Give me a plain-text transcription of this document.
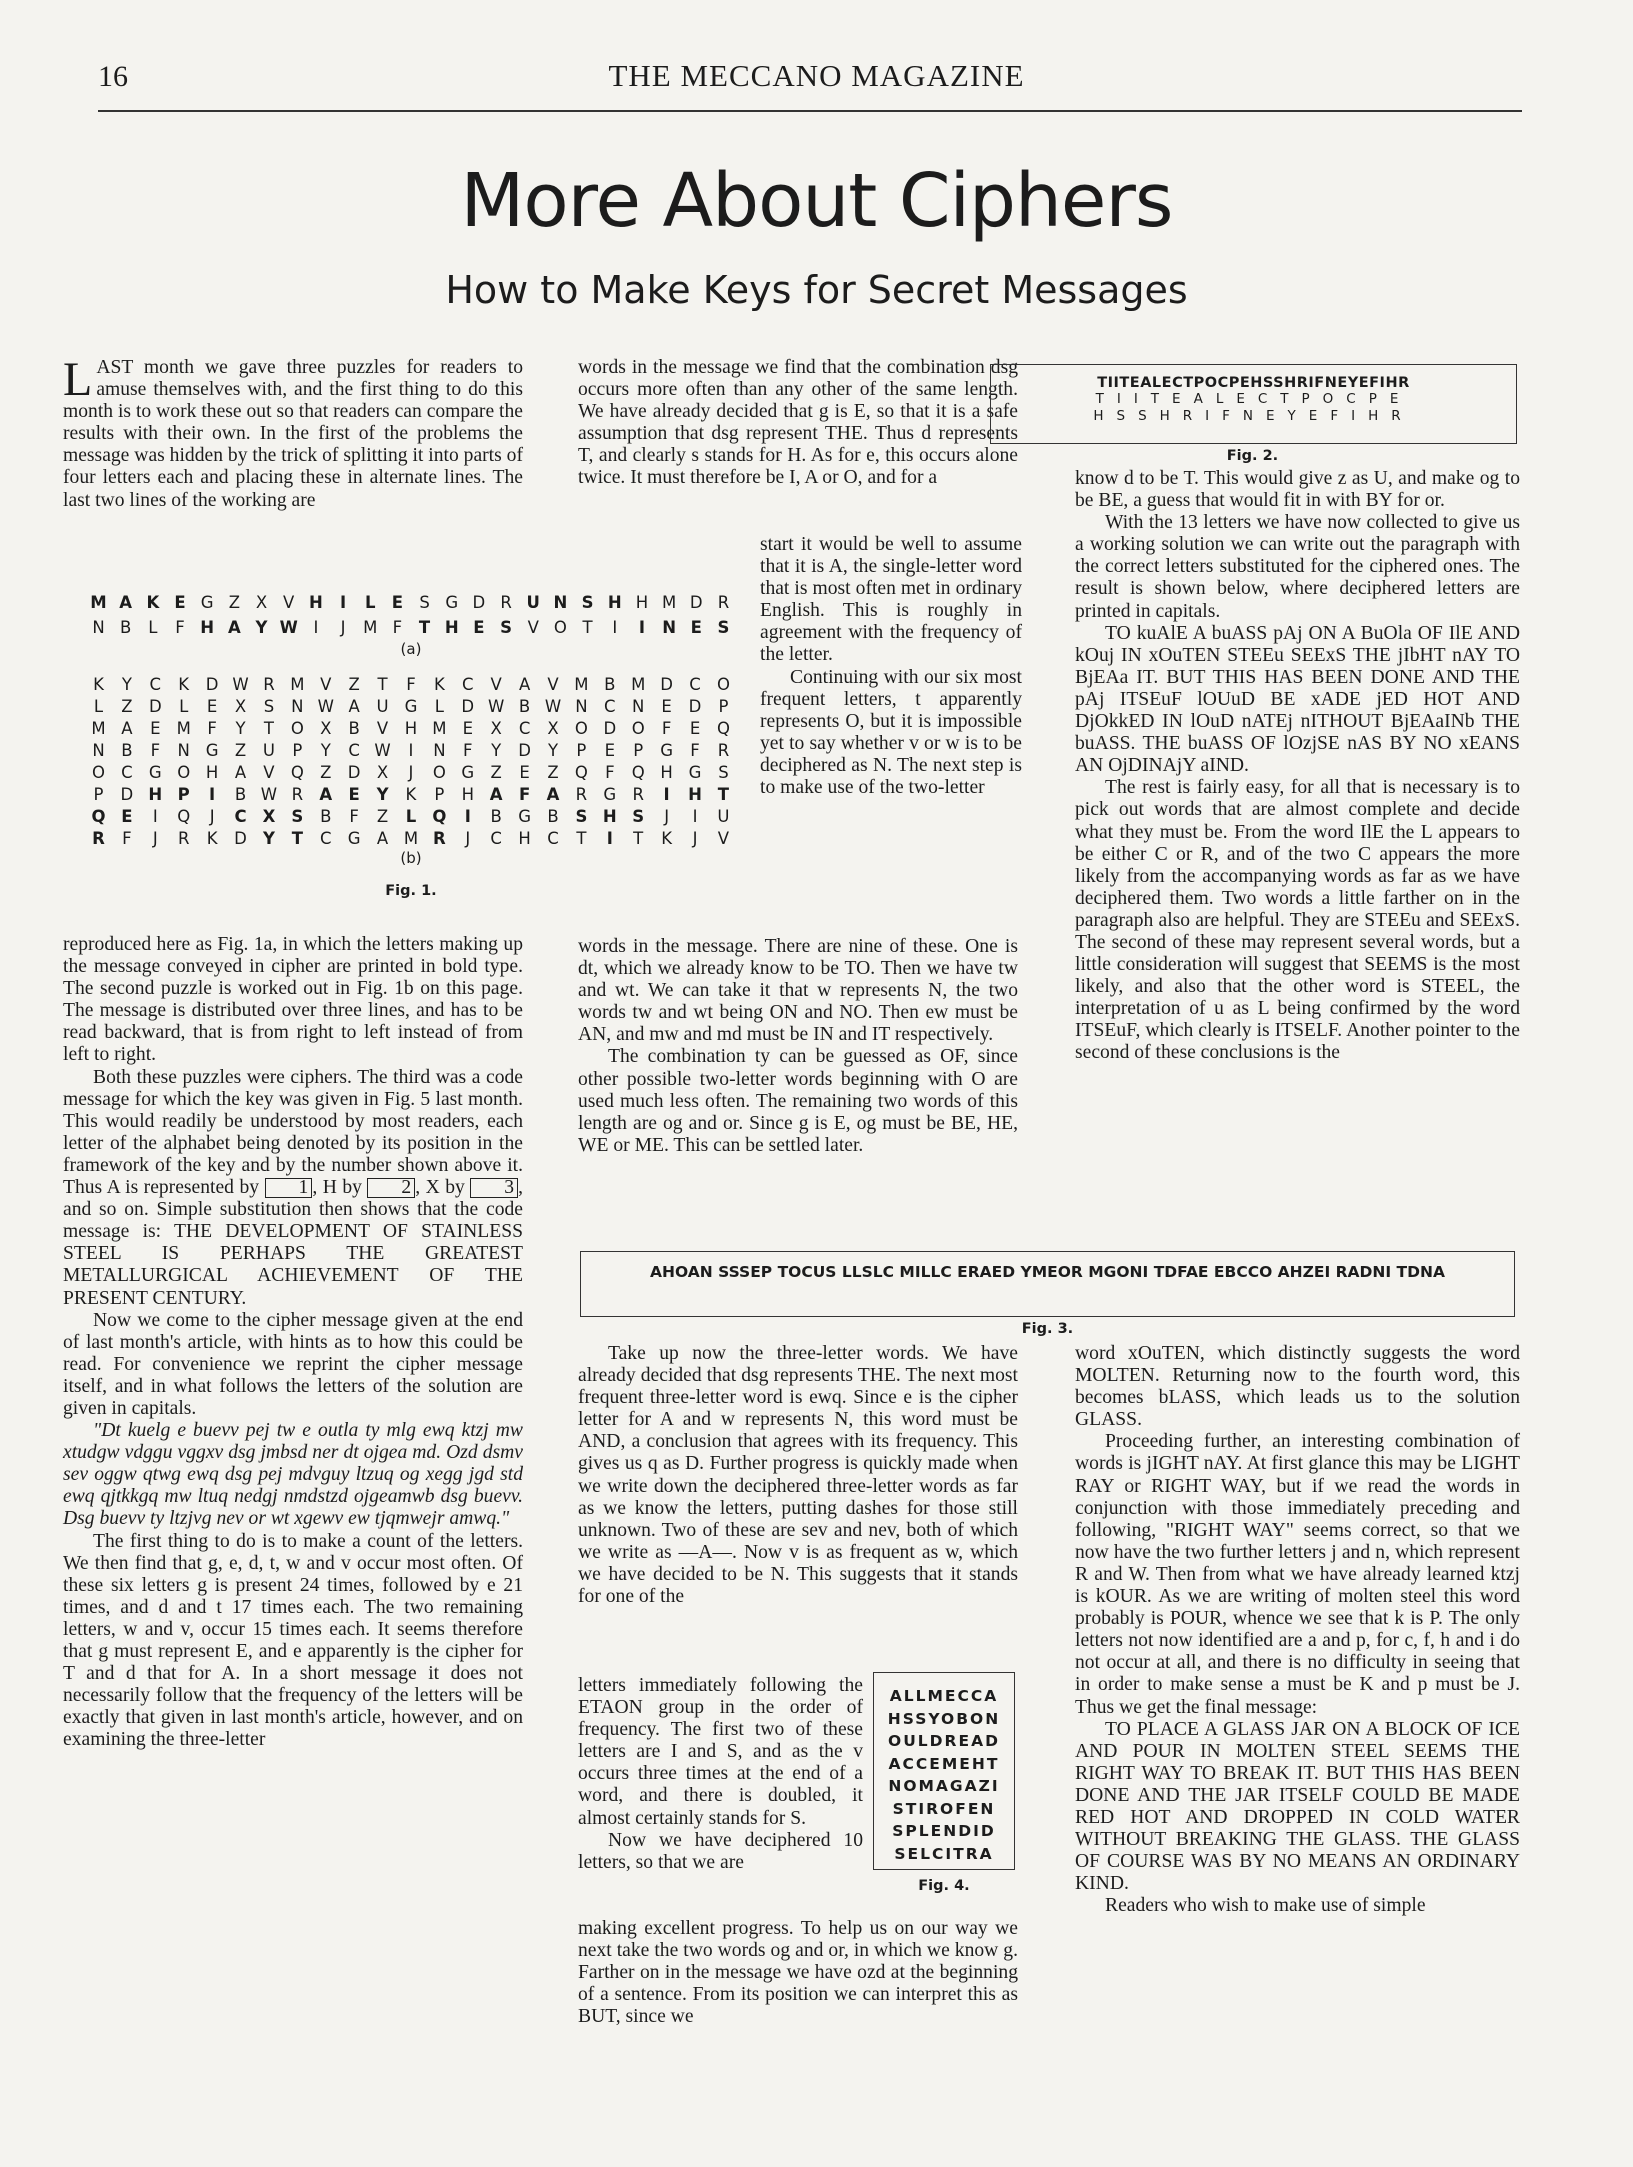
16	THE MECCANO MAGAZINE
More About Ciphers
How to Make Keys for Secret Messages

LAST month we gave three puzzles for readers to amuse themselves with, and the first thing to do this month is to work these out so that readers can compare the results with their own. In the first of the problems the message was hidden by the trick of splitting it into parts of four letters each and placing these in alternate lines. The last two lines of the working are

words in the message we find that the combination dsg occurs more often than any other of the same length. We have already decided that g is E, so that it is a safe assumption that dsg represent THE. Thus d represents T, and clearly s stands for H. As for e, this occurs alone twice. It must therefore be I, A or O, and for a

start it would be well to assume that it is A, the single-letter word that is most often met in ordinary English. This is roughly in agreement with the frequency of the letter.

Continuing with our six most frequent letters, t apparently represents O, but it is impossible yet to say whether v or w is to be deciphered as N. The next step is to make use of the two-letter

words in the message. There are nine of these. One is dt, which we already know to be TO. Then we have tw and wt. We can take it that w represents N, the two words tw and wt being ON and NO. Then ew must be AN, and mw and md must be IN and IT respectively.

The combination ty can be guessed as OF, since other possible two-letter words beginning with O are used much less often. The remaining two words of this length are og and or. Since g is E, og must be BE, HE, WE or ME. This can be settled later.

M A K E G Z X V H	I	L E S G D R U N S H H M D R
N B	L	F H A Y W I	J	M F	T H E S V O T	I	I	N E S
(a)
K	Y	C	K	D W R M V	Z	T	F	K	C	V	A	V M B M D C O
L	Z D	L	E	X	S	N W A	U G	L	D W B W N C N	E	D	P
M A	E M	F	Y	T	O X	B	V	H M E	X	C	X O D O	F	E	Q
N	B	F	N G Z	U	P	Y	C W	I	N	F	Y	D	Y	P	E	P	G	F	R
O C G O H	A	V Q Z D X	J	O G Z	E	Z Q	F	Q H G	S
P	D H P	I	B W R A E	Y	K	P	H A F A R G R	I	H T
Q E	I	Q	J	C X S	B	F	Z	L Q	I	B G B	S H S	J	I	U
R	F	J	R	K	D Y	T	C G A M R	J	C H C	T	I	T	K	J	V
(b)
Fig. 1.

reproduced here as Fig. 1a, in which the letters making up the message conveyed in cipher are printed in bold type. The second puzzle is worked out in Fig. 1b on this page. The message is distributed over three lines, and has to be read backward, that is from right to left instead of from left to right.

Both these puzzles were ciphers. The third was a code message for which the key was given in Fig. 5 last month. This would readily be understood by most readers, each letter of the alphabet being denoted by its position in the framework of the key and by the number shown above it. Thus A is represented by 1 , H by 2 , X by 3 , and so on. Simple substitution then shows that the code message is: THE DEVELOPMENT OF STAINLESS STEEL IS PERHAPS THE GREATEST METALLURGICAL ACHIEVEMENT OF THE PRESENT CENTURY.

Now we come to the cipher message given at the end of last month's article, with hints as to how this could be read. For convenience we reprint the cipher message itself, and in what follows the letters of the solution are given in capitals.

"Dt kuelg e buevv pej tw e outla ty mlg ewq ktzj mw xtudgw vdggu vggxv dsg jmbsd ner dt ojgea md. Ozd dsmv sev oggw qtwg ewq dsg pej mdvguy ltzuq og xegg jgd std ewq qjtkkgq mw ltuq nedgj nmdstzd ojgeamwb dsg buevv. Dsg buevv ty ltzjvg nev or wt xgewv ew tjqmwejr amwq."

The first thing to do is to make a count of the letters. We then find that g, e, d, t, w and v occur most often. Of these six letters g is present 24 times, followed by e 21 times, and d and t 17 times each. The two remaining letters, w and v, occur 15 times each. It seems therefore that g must represent E, and e apparently is the cipher for T and d that for A. In a short message it does not necessarily follow that the frequency of the letters will be exactly that given in last month's article, however, and on examining the three-letter

TIITEALECTPOCPEHSSHRIFNEYEFIHR
TIITEALECTPOCPE
HSSHRIFNEYEFIHR
Fig. 2.

know d to be T. This would give z as U, and make og to be BE, a guess that would fit in with BY for or.

With the 13 letters we have now collected to give us a working solution we can write out the paragraph with the correct letters substituted for the ciphered ones. The result is shown below, where deciphered letters are printed in capitals.

TO kuAlE A buASS pAj ON A BuOla OF IlE AND kOuj IN xOuTEN STEEu SEExS THE jIbHT nAY TO BjEAa IT. BUT THIS HAS BEEN DONE AND THE pAj ITSEuF lOUuD BE xADE jED HOT AND DjOkkED IN lOuD nATEj nITHOUT BjEAaINb THE buASS. THE buASS OF lOzjSE nAS BY NO xEANS AN OjDINAjY aIND.

The rest is fairly easy, for all that is necessary is to pick out words that are almost complete and decide what they must be. From the word IlE the L appears to be either C or R, and of the two C appears the more likely from the accompanying words as far as we have deciphered them. Two words a little farther on in the paragraph also are helpful. They are STEEu and SEExS. The second of these may represent several words, but a little consideration will suggest that SEEMS is the most likely, and also that the other word is STEEL, the interpretation of u as L being confirmed by the word ITSEuF, which clearly is ITSELF. Another pointer to the second of these conclusions is the

AHOAN SSSEP TOCUS LLSLC MILLC ERAED YMEOR MGONI TDFAE EBCCO AHZEI RADNI TDNA
Fig. 3.

Take up now the three-letter words. We have already decided that dsg represents THE. The next most frequent three-letter word is ewq. Since e is the cipher letter for A and w represents N, this word must be AND, a conclusion that agrees with its frequency. This gives us q as D. Further progress is quickly made when we write down the deciphered three-letter words as far as we know the letters, putting dashes for those still unknown. Two of these are sev and nev, both of which we write as —A—. Now v is as frequent as w, which we have decided to be N. This suggests that it stands for one of the

letters immediately following the ETAON group in the order of frequency. The first two of these letters are I and S, and as the v occurs three times at the end of a word, and there is doubled, it almost certainly stands for S.

Now we have deciphered 10 letters, so that we are

making excellent progress. To help us on our way we next take the two words og and or, in which we know g. Farther on in the message we have ozd at the beginning of a sentence. From its position we can interpret this as BUT, since we

ALLMECCA
HSSYOBON
OULDREAD
ACCEMEHT
NOMAGAZI
STIROFEN
SPLENDID
SELCITRA
Fig. 4.

word xOuTEN, which distinctly suggests the word MOLTEN. Returning now to the fourth word, this becomes bLASS, which leads us to the solution GLASS.

Proceeding further, an interesting combination of words is jIGHT nAY. At first glance this may be LIGHT RAY or RIGHT WAY, but if we read the words in conjunction with those immediately preceding and following, "RIGHT WAY" seems correct, so that we now have the two further letters j and n, which represent R and W. Then from what we have already learned ktzj is kOUR. As we are writing of molten steel this word probably is POUR, whence we see that k is P. The only letters not now identified are a and p, for c, f, h and i do not occur at all, and there is no difficulty in seeing that in order to make sense a must be K and p must be J. Thus we get the final message:

TO PLACE A GLASS JAR ON A BLOCK OF ICE AND POUR IN MOLTEN STEEL SEEMS THE RIGHT WAY TO BREAK IT. BUT THIS HAS BEEN DONE AND THE JAR ITSELF COULD BE MADE RED HOT AND DROPPED IN COLD WATER WITHOUT BREAKING THE GLASS. THE GLASS OF COURSE WAS BY NO MEANS AN ORDINARY KIND.

Readers who wish to make use of simple
